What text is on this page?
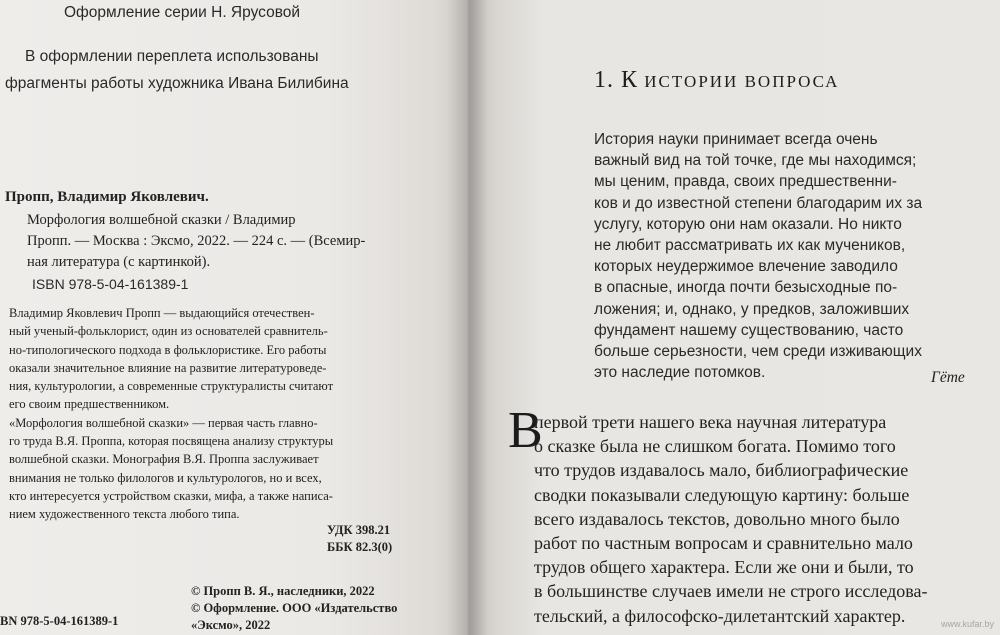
Оформление серии Н. Ярусовой
В оформлении переплета использованы
фрагменты работы художника Ивана Билибина
Пропп, Владимир Яковлевич.
Морфология волшебной сказки / Владимир
Пропп. — Москва : Эксмо, 2022. — 224 с. — (Всемир-
ная литература (с картинкой).
ISBN 978-5-04-161389-1
Владимир Яковлевич Пропп — выдающийся отечествен-
ный ученый-фольклорист, один из основателей сравнитель-
но-типологического подхода в фольклористике. Его работы
оказали значительное влияние на развитие литературоведе-
ния, культурологии, а современные структуралисты считают
его своим предшественником.
«Морфология волшебной сказки» — первая часть главно-
го труда В.Я. Проппа, которая посвящена анализу структуры
волшебной сказки. Монография В.Я. Проппа заслуживает
внимания не только филологов и культурологов, но и всех,
кто интересуется устройством сказки, мифа, а также написа-
нием художественного текста любого типа.
УДК 398.21
ББК 82.3(0)
© Пропп В. Я., наследники, 2022
© Оформление. ООО «Издательство
«Эксмо», 2022
BN 978-5-04-161389-1
1. К ИСТОРИИ ВОПРОСА
История науки принимает всегда очень
важный вид на той точке, где мы находимся;
мы ценим, правда, своих предшественни-
ков и до известной степени благодарим их за
услугу, которую они нам оказали. Но никто
не любит рассматривать их как мучеников,
которых неудержимое влечение заводило
в опасные, иногда почти безысходные по-
ложения; и, однако, у предков, заложивших
фундамент нашему существованию, часто
больше серьезности, чем среди изживающих
это наследие потомков.	Гёте
В
первой трети нашего века научная литература
о сказке была не слишком богата. Помимо того
что трудов издавалось мало, библиографические
сводки показывали следующую картину: больше
всего издавалось текстов, довольно много было
работ по частным вопросам и сравнительно мало
трудов общего характера. Если же они и были, то
в большинстве случаев имели не строго исследова-
тельский, а философско-дилетантский характер.	www.kufar.by
